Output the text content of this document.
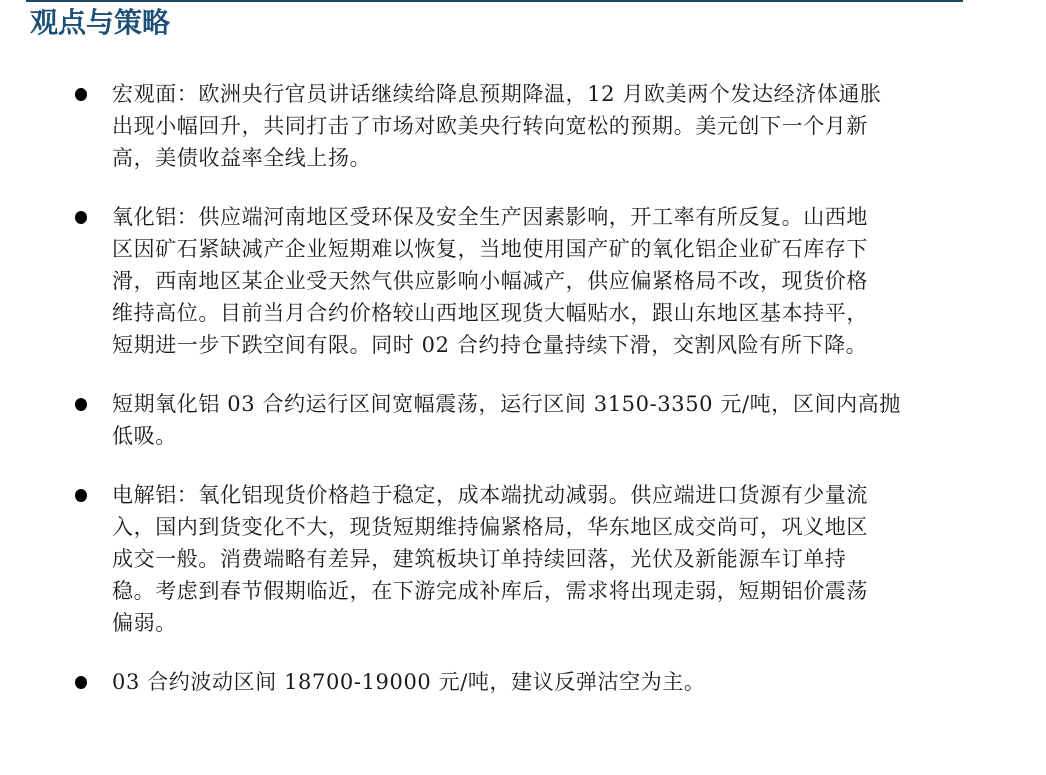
观点与策略
宏观面：欧洲央行官员讲话继续给降息预期降温，12 月欧美两个发达经济体通胀
出现小幅回升，共同打击了市场对欧美央行转向宽松的预期。美元创下一个月新
高，美债收益率全线上扬。
氧化铝：供应端河南地区受环保及安全生产因素影响，开工率有所反复。山西地
区因矿石紧缺减产企业短期难以恢复，当地使用国产矿的氧化铝企业矿石库存下
滑，西南地区某企业受天然气供应影响小幅减产，供应偏紧格局不改，现货价格
维持高位。目前当月合约价格较山西地区现货大幅贴水，跟山东地区基本持平，
短期进一步下跌空间有限。同时 02 合约持仓量持续下滑，交割风险有所下降。
短期氧化铝 03 合约运行区间宽幅震荡，运行区间 3150-3350 元/吨，区间内高抛
低吸。
电解铝：氧化铝现货价格趋于稳定，成本端扰动减弱。供应端进口货源有少量流
入，国内到货变化不大，现货短期维持偏紧格局，华东地区成交尚可，巩义地区
成交一般。消费端略有差异，建筑板块订单持续回落，光伏及新能源车订单持
稳。考虑到春节假期临近，在下游完成补库后，需求将出现走弱，短期铝价震荡
偏弱。
03 合约波动区间 18700-19000 元/吨，建议反弹沽空为主。
